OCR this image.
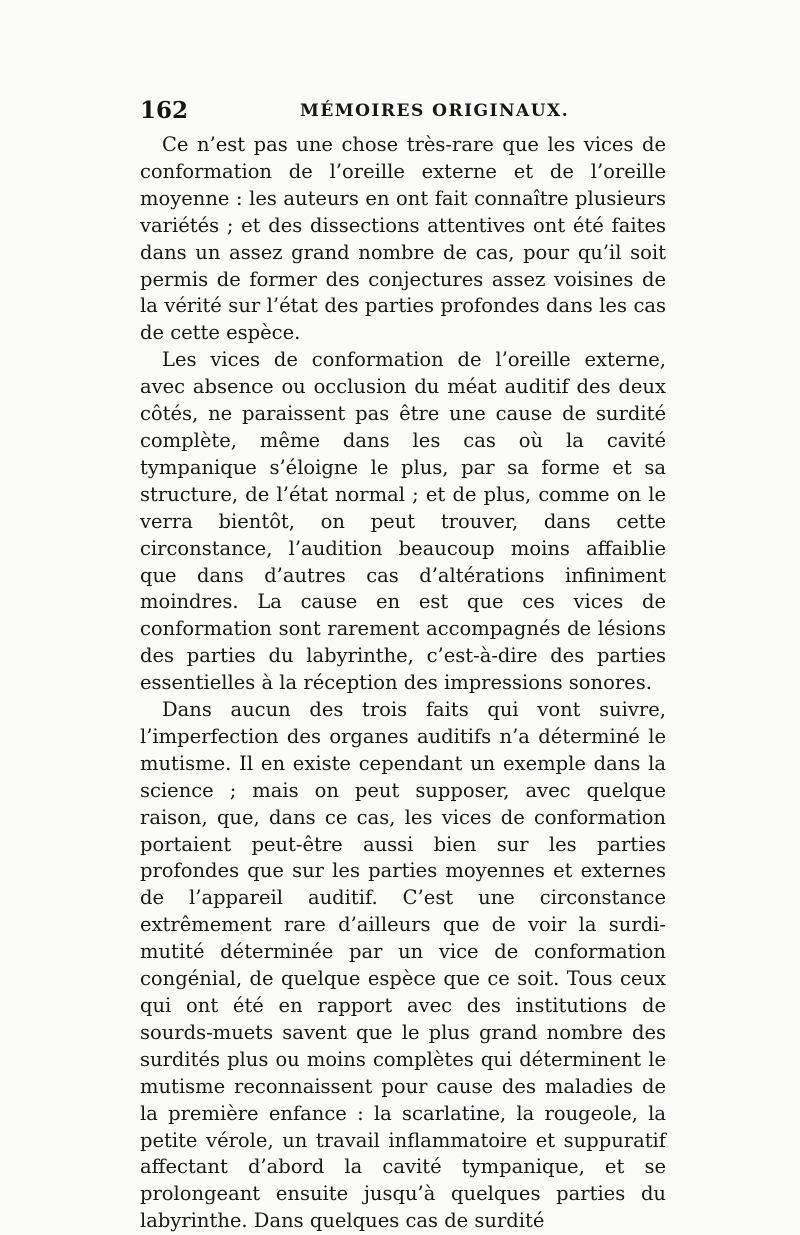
162	MÉMOIRES ORIGINAUX.

Ce n’est pas une chose très-rare que les vices de conformation de l’oreille externe et de l’oreille moyenne : les auteurs en ont fait connaître plusieurs variétés ; et des dissections attentives ont été faites dans un assez grand nombre de cas, pour qu’il soit permis de former des conjectures assez voisines de la vérité sur l’état des parties profondes dans les cas de cette espèce.

Les vices de conformation de l’oreille externe, avec absence ou occlusion du méat auditif des deux côtés, ne paraissent pas être une cause de surdité complète, même dans les cas où la cavité tympanique s’éloigne le plus, par sa forme et sa structure, de l’état normal ; et de plus, comme on le verra bientôt, on peut trouver, dans cette circonstance, l’audition beaucoup moins affaiblie que dans d’autres cas d’altérations infiniment moindres. La cause en est que ces vices de conformation sont rarement accompagnés de lésions des parties du labyrinthe, c’est-à-dire des parties essentielles à la réception des impressions sonores.

Dans aucun des trois faits qui vont suivre, l’imperfection des organes auditifs n’a déterminé le mutisme. Il en existe cependant un exemple dans la science ; mais on peut supposer, avec quelque raison, que, dans ce cas, les vices de conformation portaient peut-être aussi bien sur les parties profondes que sur les parties moyennes et externes de l’appareil auditif. C’est une circonstance extrêmement rare d’ailleurs que de voir la surdi-mutité déterminée par un vice de conformation congénial, de quelque espèce que ce soit. Tous ceux qui ont été en rapport avec des institutions de sourds-muets savent que le plus grand nombre des surdités plus ou moins complètes qui déterminent le mutisme reconnaissent pour cause des maladies de la première enfance : la scarlatine, la rougeole, la petite vérole, un travail inflammatoire et suppuratif affectant d’abord la cavité tympanique, et se prolongeant ensuite jusqu’à quelques parties du labyrinthe. Dans quelques cas de surdité
